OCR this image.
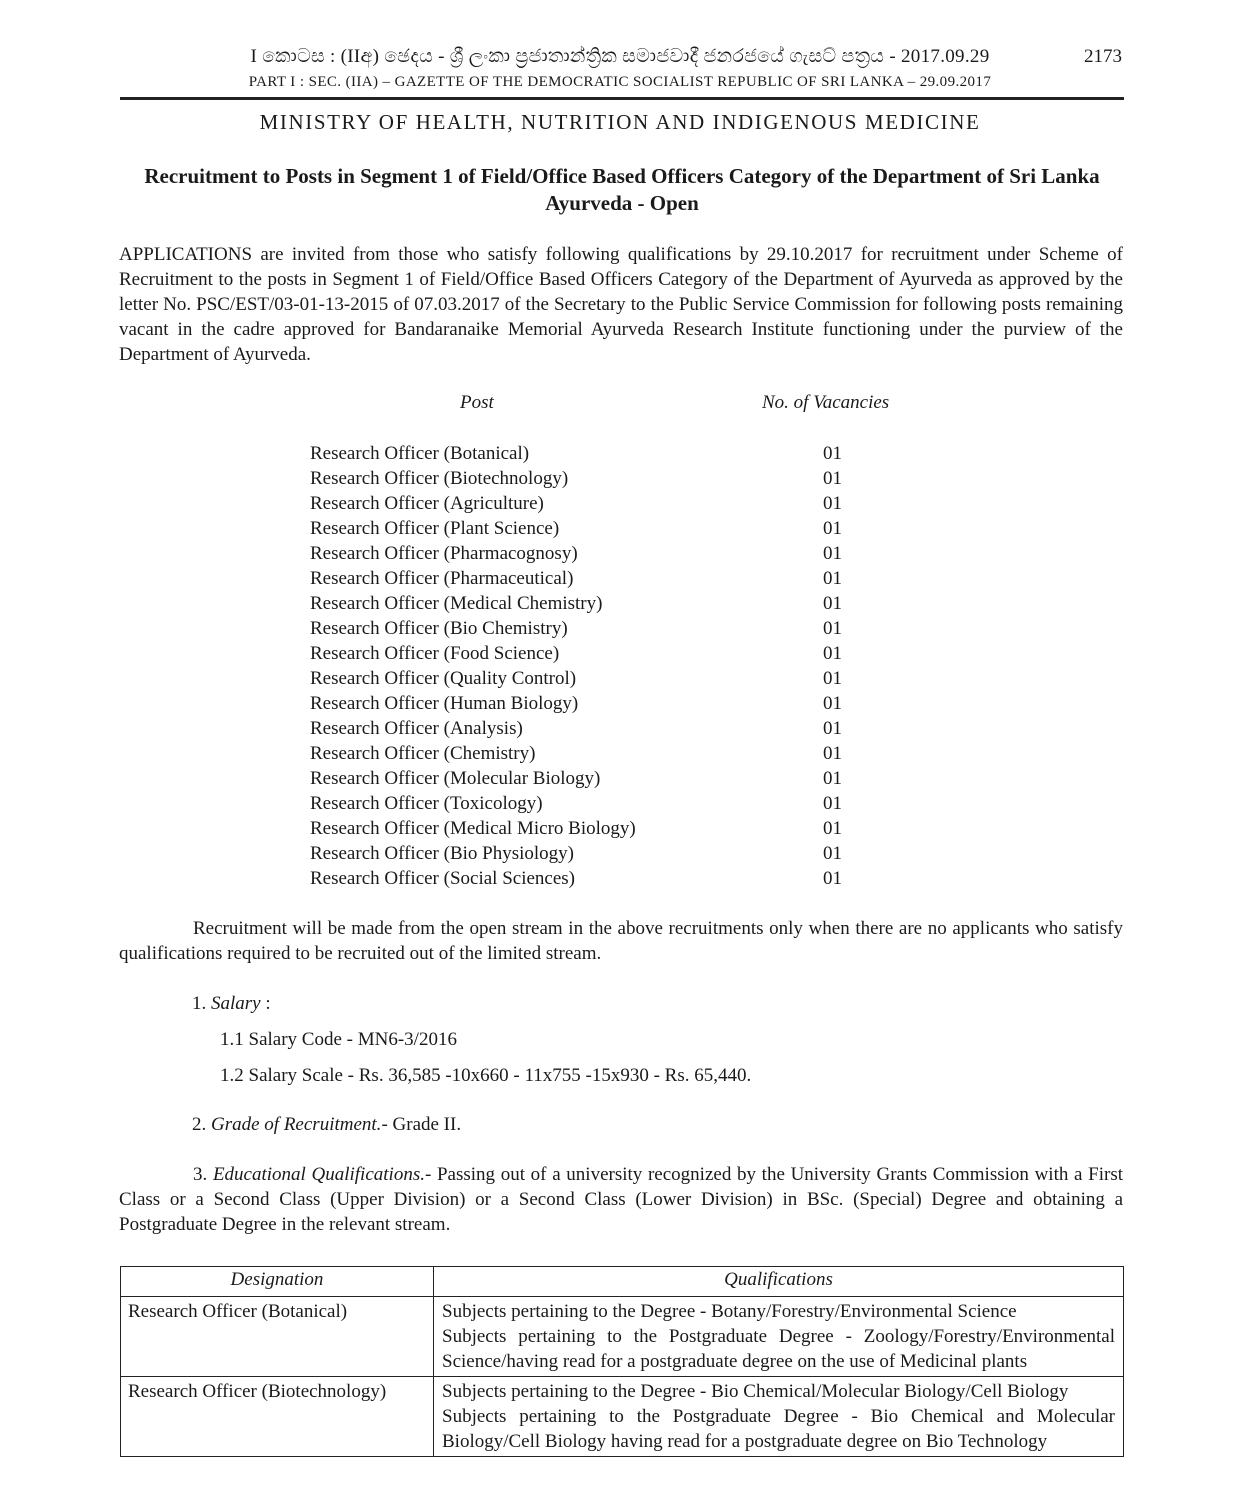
I කොටස : (IIඅ) ඡෙදය - ශ්‍රී ලංකා ප්‍රජාතාන්ත්‍රික සමාජවාදී ජනරජයේ ගැසට් පත්‍රය - 2017.09.29	2173
PART I : SEC. (IIA) – GAZETTE OF THE DEMOCRATIC SOCIALIST REPUBLIC OF SRI LANKA – 29.09.2017
MINISTRY OF HEALTH, NUTRITION AND INDIGENOUS MEDICINE
Recruitment to Posts in Segment 1 of Field/Office Based Officers Category of the Department of Sri Lanka Ayurveda - Open
APPLICATIONS are invited from those who satisfy following qualifications by 29.10.2017 for recruitment under Scheme of Recruitment to the posts in Segment 1 of Field/Office Based Officers Category of the Department of Ayurveda as approved by the letter No. PSC/EST/03-01-13-2015 of 07.03.2017 of the Secretary to the Public Service Commission for following posts remaining vacant in the cadre approved for Bandaranaike Memorial Ayurveda Research Institute functioning under the purview of the Department of Ayurveda.
Post	No. of Vacancies
Research Officer (Botanical)	01
Research Officer (Biotechnology)	01
Research Officer (Agriculture)	01
Research Officer (Plant Science)	01
Research Officer (Pharmacognosy)	01
Research Officer (Pharmaceutical)	01
Research Officer (Medical Chemistry)	01
Research Officer (Bio Chemistry)	01
Research Officer (Food Science)	01
Research Officer (Quality Control)	01
Research Officer (Human Biology)	01
Research Officer (Analysis)	01
Research Officer (Chemistry)	01
Research Officer (Molecular Biology)	01
Research Officer (Toxicology)	01
Research Officer (Medical Micro Biology)	01
Research Officer (Bio Physiology)	01
Research Officer (Social Sciences)	01
Recruitment will be made from the open stream in the above recruitments only when there are no applicants who satisfy qualifications required to be recruited out of the limited stream.
1. Salary :
1.1 Salary Code - MN6-3/2016
1.2 Salary Scale - Rs. 36,585 -10x660 - 11x755 -15x930 - Rs. 65,440.
2. Grade of Recruitment.- Grade II.
3. Educational Qualifications.- Passing out of a university recognized by the University Grants Commission with a First Class or a Second Class (Upper Division) or a Second Class (Lower Division) in BSc. (Special) Degree and obtaining a Postgraduate Degree in the relevant stream.
Designation	Qualifications
Research Officer (Botanical)	Subjects pertaining to the Degree - Botany/Forestry/Environmental Science
Subjects pertaining to the Postgraduate Degree - Zoology/Forestry/Environmental Science/having read for a postgraduate degree on the use of Medicinal plants

Research Officer (Biotechnology)	Subjects pertaining to the Degree - Bio Chemical/Molecular Biology/Cell Biology
Subjects pertaining to the Postgraduate Degree - Bio Chemical and Molecular Biology/Cell Biology having read for a postgraduate degree on Bio Technology
